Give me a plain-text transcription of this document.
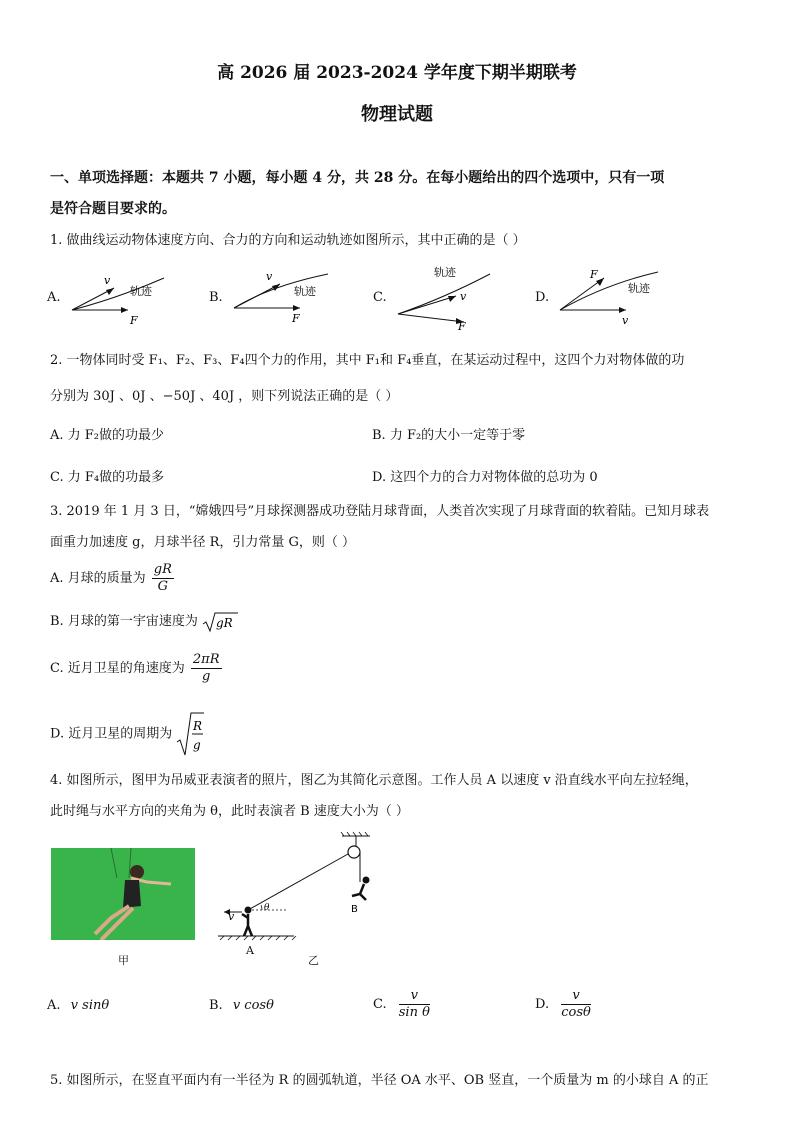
高 2026 届 2023-2024 学年度下期半期联考
物理试题
一、单项选择题：本题共 7 小题，每小题 4 分，共 28 分。在每小题给出的四个选项中，只有一项
是符合题目要求的。
1. 做曲线运动物体速度方向、合力的方向和运动轨迹如图所示，其中正确的是（ ）
A.
v
轨迹
F
B.
v
轨迹
F
C.
轨迹
v
F
D.
F
轨迹
v
2. 一物体同时受 F₁、F₂、F₃、F₄四个力的作用，其中 F₁和 F₄垂直，在某运动过程中，这四个力对物体做的功
分别为 30J 、0J 、−50J 、40J ，则下列说法正确的是（ ）
A. 力 F₂做的功最少	B. 力 F₂的大小一定等于零
C. 力 F₄做的功最多	D. 这四个力的合力对物体做的总功为 0
3. 2019 年 1 月 3 日，“嫦娥四号”月球探测器成功登陆月球背面，人类首次实现了月球背面的软着陆。已知月球表
面重力加速度 g，月球半径 R，引力常量 G，则（ ）
A. 月球的质量为 $\frac{gR}{G}$
B. 月球的第一宇宙速度为 gR
C. 近月卫星的角速度为 $\frac{2\pi R}{g}$
D. 近月卫星的周期为
R
g
4. 如图所示，图甲为吊威亚表演者的照片，图乙为其简化示意图。工作人员 A 以速度 v 沿直线水平向左拉轻绳，
此时绳与水平方向的夹角为 θ，此时表演者 B 速度大小为（ ）
甲
B
θ
v
A
乙
A. v sinθ	B. v cosθ	C. $\frac{v}{\text{sin θ}}$	D. $\frac{v}{\cos\theta}$
5. 如图所示，在竖直平面内有一半径为 R 的圆弧轨道，半径 OA 水平、OB 竖直，一个质量为 m 的小球自 A 的正
